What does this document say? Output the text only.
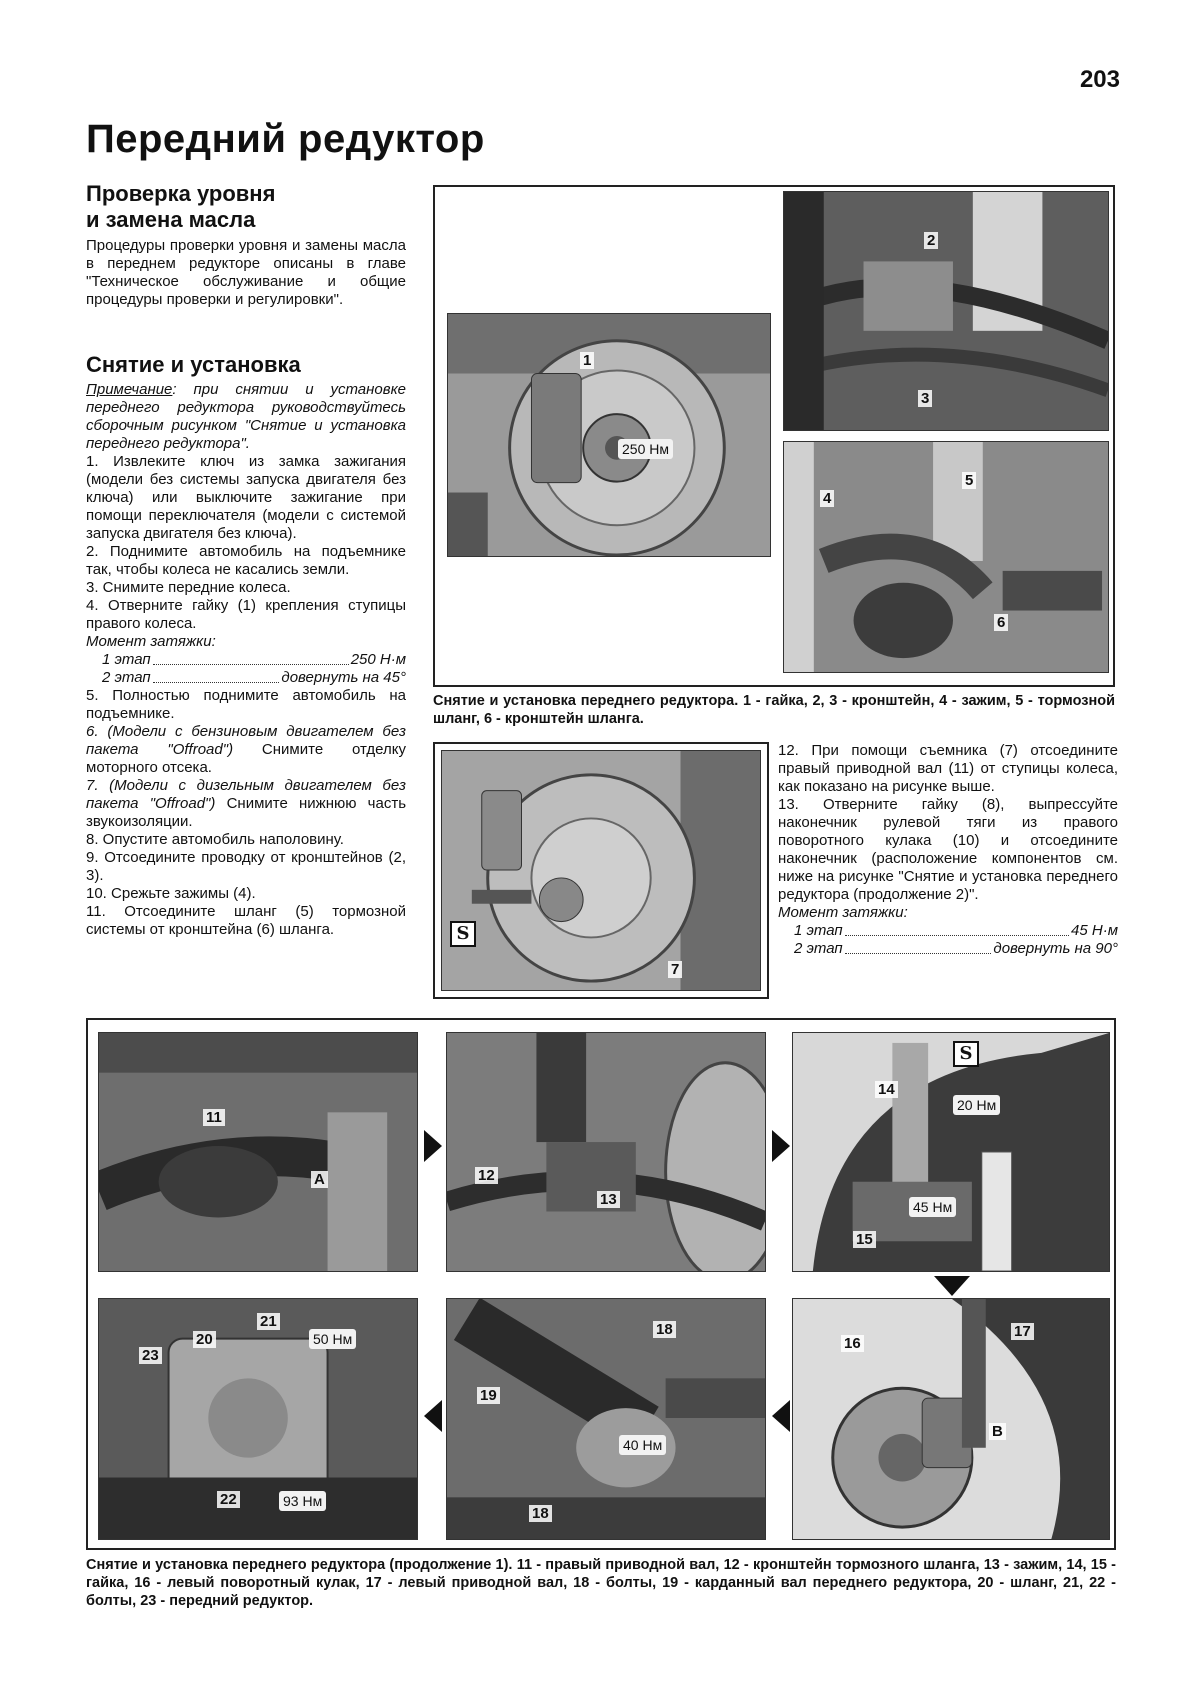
203
Передний редуктор
Проверка уровня
и замена масла
Процедуры проверки уровня и замены масла в переднем редукторе описаны в главе "Техническое обслуживание и общие процедуры проверки и регулировки".
Снятие и установка

Примечание: при снятии и установке переднего редуктора руководствуйтесь сборочным рисунком "Снятие и установка переднего редуктора".

1. Извлеките ключ из замка зажигания (модели без системы запуска двигателя без ключа) или выключите зажигание при помощи переключателя (модели с системой запуска двигателя без ключа).

2. Поднимите автомобиль на подъемнике так, чтобы колеса не касались земли.

3. Снимите передние колеса.

4. Отверните гайку (1) крепления ступицы правого колеса.

Момент затяжки:

1 этап	250 Н·м
2 этап	довернуть на 45°

5. Полностью поднимите автомобиль на подъемнике.

6. (Модели с бензиновым двигателем без пакета "Offroad") Снимите отделку моторного отсека.

7. (Модели с дизельным двигателем без пакета "Offroad") Снимите нижнюю часть звукоизоляции.

8. Опустите автомобиль наполовину.

9. Отсоедините проводку от кронштейнов (2, 3).

10. Срежьте зажимы (4).

11. Отсоедините шланг (5) тормозной системы от кронштейна (6) шланга.

1
250 Нм
2
3
4
5
6
Снятие и установка переднего редуктора. 1 - гайка, 2, 3 - кронштейн, 4 - зажим, 5 - тормозной шланг, 6 - кронштейн шланга.
S
7

12. При помощи съемника (7) отсоедините правый приводной вал (11) от ступицы колеса, как показано на рисунке выше.

13. Отверните гайку (8), выпрессуйте наконечник рулевой тяги из правого поворотного кулака (10) и отсоедините наконечник (расположение компонентов см. ниже на рисунке "Снятие и установка переднего редуктора (продолжение 2)".

Момент затяжки:

1 этап	45 Н·м
2 этап	довернуть на 90°
11
A	12
13
S
14
20 Нм
45 Нм
15
21
20	50 Нм
23
22	93 Нм
18
19
40 Нм
18
16
17
B
Снятие и установка переднего редуктора (продолжение 1). 11 - правый приводной вал, 12 - кронштейн тормозного шланга, 13 - зажим, 14, 15 - гайка, 16 - левый поворотный кулак, 17 - левый приводной вал, 18 - болты, 19 - карданный вал переднего редуктора, 20 - шланг, 21, 22 - болты, 23 - передний редуктор.
